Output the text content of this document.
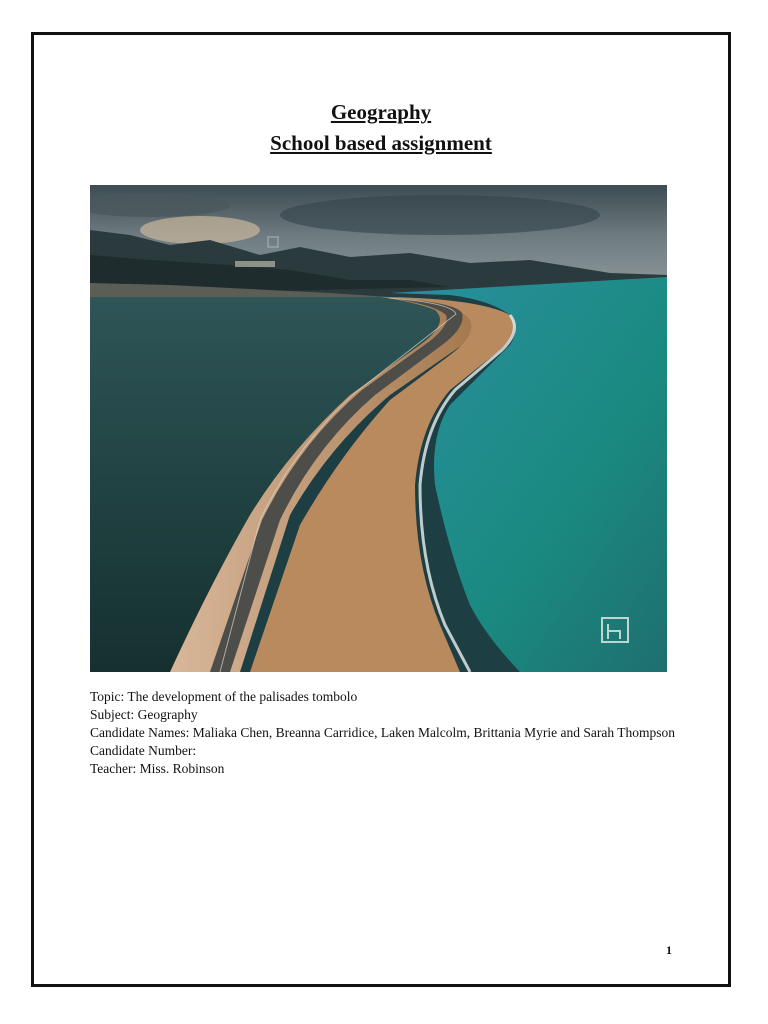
Geography
School based assignment
Topic: The development of the palisades tombolo
Subject: Geography
Candidate Names: Maliaka Chen, Breanna Carridice, Laken Malcolm, Brittania Myrie and Sarah Thompson
Candidate Number:
Teacher: Miss. Robinson
1
